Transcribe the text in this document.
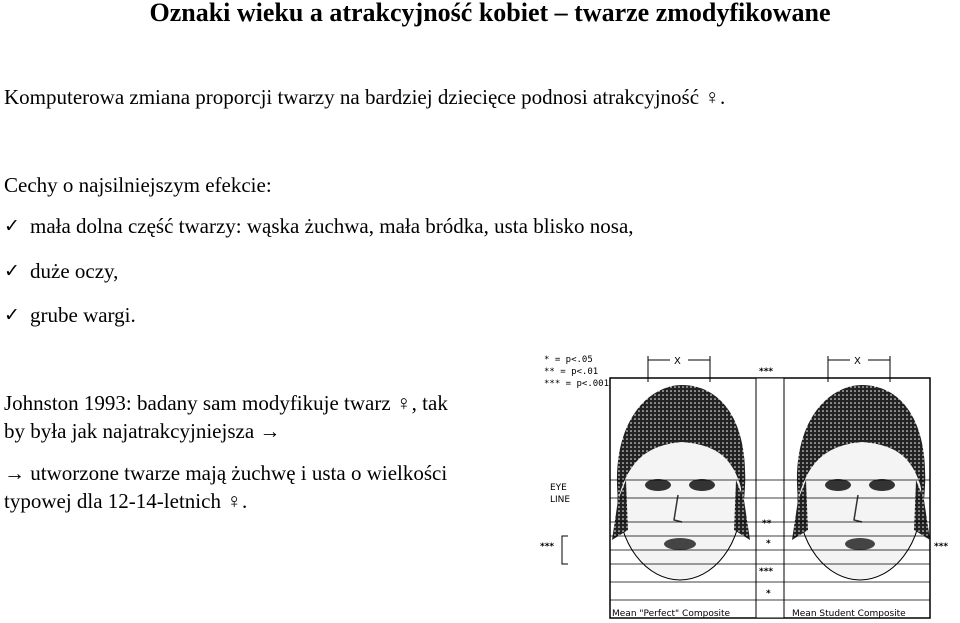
Oznaki wieku a atrakcyjność kobiet – twarze zmodyfikowane
Komputerowa zmiana proporcji twarzy na bardziej dziecięce podnosi atrakcyjność ♀.
Cechy o najsilniejszym efekcie:
✓ mała dolna część twarzy: wąska żuchwa, mała bródka, usta blisko nosa,
✓ duże oczy,
✓ grube wargi.
Johnston 1993: badany sam modyfikuje twarz ♀, tak
by była jak najatrakcyjniejsza →
→ utworzone twarze mają żuchwę i usta o wielkości
typowej dla 12-14-letnich ♀.
* = p<.05
** = p<.01
*** = p<.001
X	X
***
EYE
LINE
**
*
***
*
***	***
Mean "Perfect" Composite	Mean Student Composite
